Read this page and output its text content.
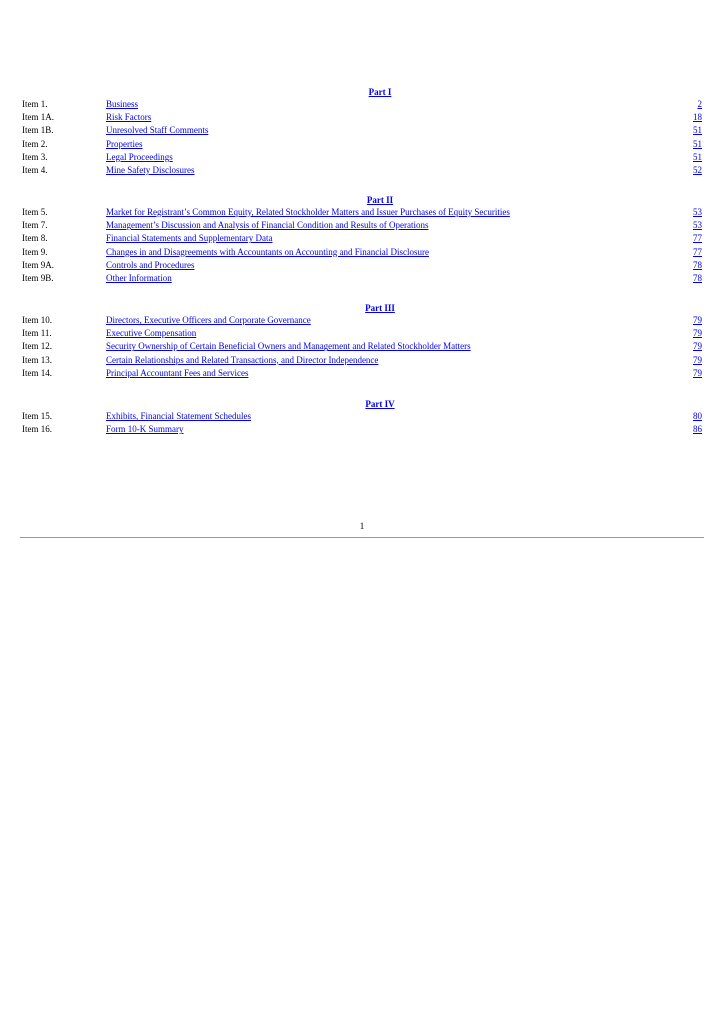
Part I
Item 1.	Business	2
Item 1A.	Risk Factors	18
Item 1B.	Unresolved Staff Comments	51
Item 2.	Properties	51
Item 3.	Legal Proceedings	51
Item 4.	Mine Safety Disclosures	52
Part II
Item 5.	Market for Registrant’s Common Equity, Related Stockholder Matters and Issuer Purchases of Equity Securities	53
Item 7.	Management’s Discussion and Analysis of Financial Condition and Results of Operations	53
Item 8.	Financial Statements and Supplementary Data	77
Item 9.	Changes in and Disagreements with Accountants on Accounting and Financial Disclosure	77
Item 9A.	Controls and Procedures	78
Item 9B.	Other Information	78
Part III
Item 10.	Directors, Executive Officers and Corporate Governance	79
Item 11.	Executive Compensation	79
Item 12.	Security Ownership of Certain Beneficial Owners and Management and Related Stockholder Matters	79
Item 13.	Certain Relationships and Related Transactions, and Director Independence	79
Item 14.	Principal Accountant Fees and Services	79
Part IV
Item 15.	Exhibits, Financial Statement Schedules	80
Item 16.	Form 10-K Summary	86
1
